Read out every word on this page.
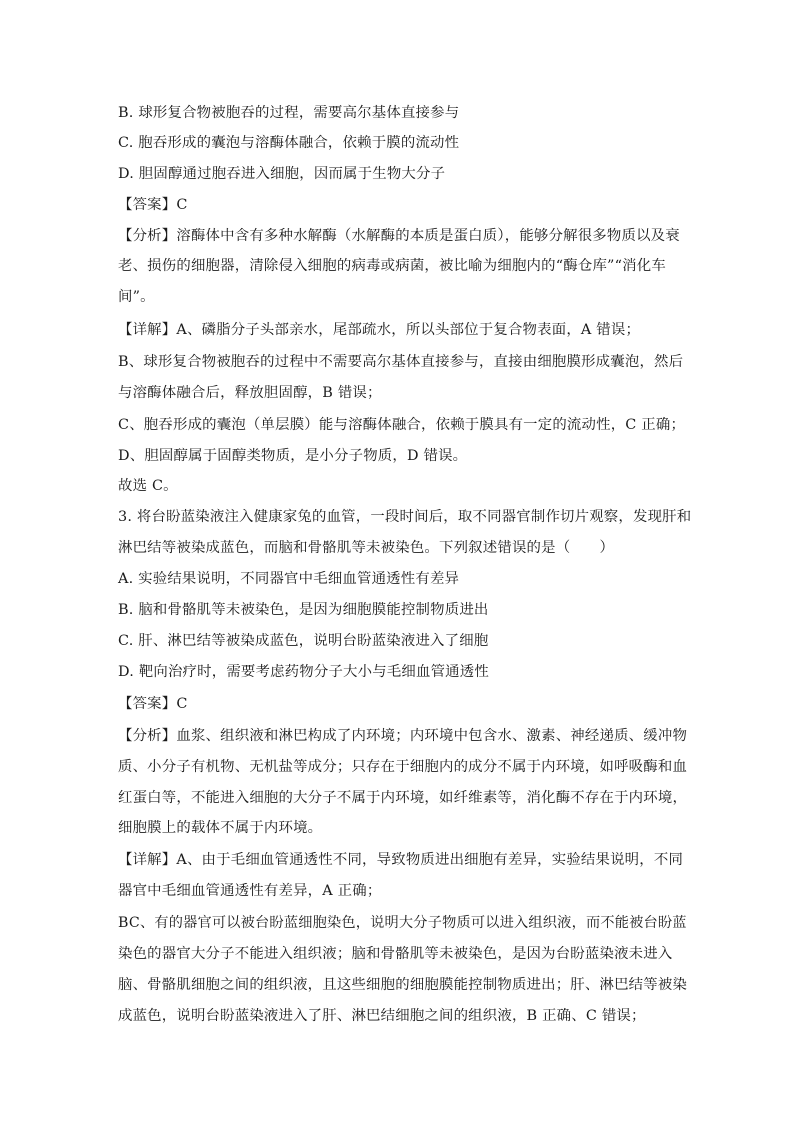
B. 球形复合物被胞吞的过程，需要高尔基体直接参与
C. 胞吞形成的囊泡与溶酶体融合，依赖于膜的流动性
D. 胆固醇通过胞吞进入细胞，因而属于生物大分子
【答案】C
【分析】溶酶体中含有多种水解酶（水解酶的本质是蛋白质），能够分解很多物质以及衰
老、损伤的细胞器，清除侵入细胞的病毒或病菌，被比喻为细胞内的“酶仓库”“消化车
间”。
【详解】A、磷脂分子头部亲水，尾部疏水，所以头部位于复合物表面，A 错误；
B、球形复合物被胞吞的过程中不需要高尔基体直接参与，直接由细胞膜形成囊泡，然后
与溶酶体融合后，释放胆固醇，B 错误；
C、胞吞形成的囊泡（单层膜）能与溶酶体融合，依赖于膜具有一定的流动性，C 正确；
D、胆固醇属于固醇类物质，是小分子物质，D 错误。
故选 C。
3. 将台盼蓝染液注入健康家兔的血管，一段时间后，取不同器官制作切片观察，发现肝和
淋巴结等被染成蓝色，而脑和骨骼肌等未被染色。下列叙述错误的是（　　）
A. 实验结果说明，不同器官中毛细血管通透性有差异
B. 脑和骨骼肌等未被染色，是因为细胞膜能控制物质进出
C. 肝、淋巴结等被染成蓝色，说明台盼蓝染液进入了细胞
D. 靶向治疗时，需要考虑药物分子大小与毛细血管通透性
【答案】C
【分析】血浆、组织液和淋巴构成了内环境；内环境中包含水、激素、神经递质、缓冲物
质、小分子有机物、无机盐等成分；只存在于细胞内的成分不属于内环境，如呼吸酶和血
红蛋白等，不能进入细胞的大分子不属于内环境，如纤维素等，消化酶不存在于内环境，
细胞膜上的载体不属于内环境。
【详解】A、由于毛细血管通透性不同，导致物质进出细胞有差异，实验结果说明，不同
器官中毛细血管通透性有差异，A 正确；
BC、有的器官可以被台盼蓝细胞染色，说明大分子物质可以进入组织液，而不能被台盼蓝
染色的器官大分子不能进入组织液；脑和骨骼肌等未被染色，是因为台盼蓝染液未进入
脑、骨骼肌细胞之间的组织液，且这些细胞的细胞膜能控制物质进出；肝、淋巴结等被染
成蓝色，说明台盼蓝染液进入了肝、淋巴结细胞之间的组织液，B 正确、C 错误；
